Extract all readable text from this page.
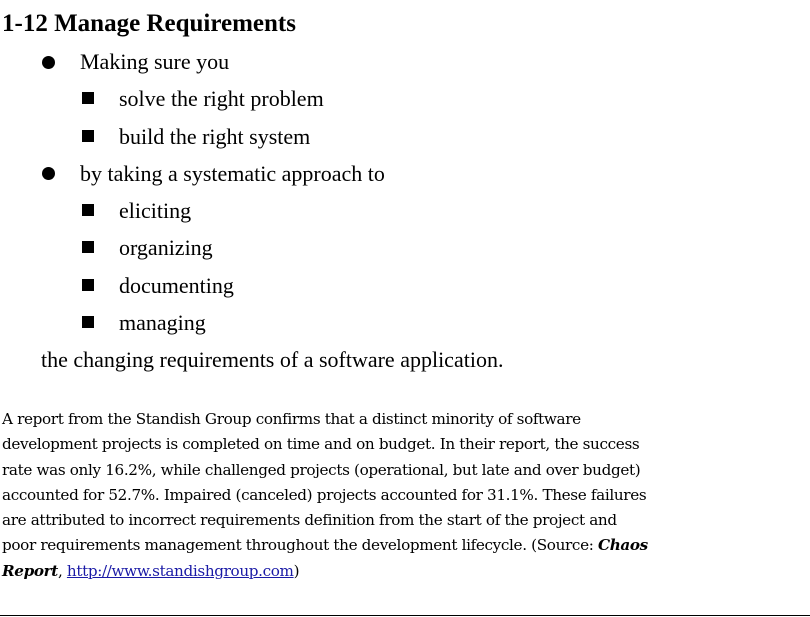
1-12 Manage Requirements
Making sure you
solve the right problem
build the right system
by taking a systematic approach to
eliciting
organizing
documenting
managing
the changing requirements of a software application.
A report from the Standish Group confirms that a distinct minority of software
development projects is completed on time and on budget. In their report, the success
rate was only 16.2%, while challenged projects (operational, but late and over budget)
accounted for 52.7%. Impaired (canceled) projects accounted for 31.1%. These failures
are attributed to incorrect requirements definition from the start of the project and
poor requirements management throughout the development lifecycle. (Source: Chaos
Report, http://www.standishgroup.com)
